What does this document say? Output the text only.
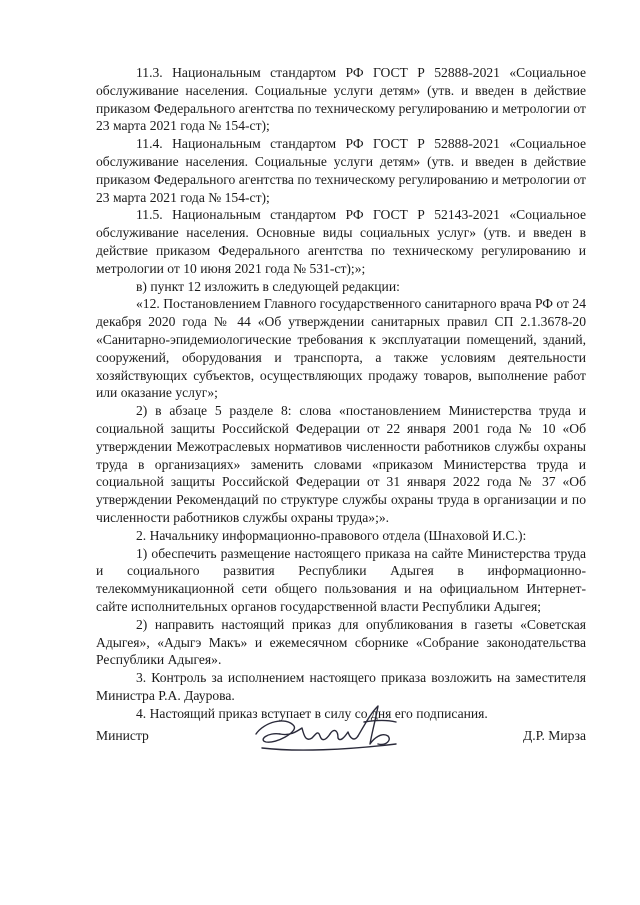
11.3. Национальным стандартом РФ ГОСТ Р 52888-2021 «Социальное обслуживание населения. Социальные услуги детям» (утв. и введен в действие приказом Федерального агентства по техническому регулированию и метрологии от 23 марта 2021 года № 154-ст);

11.4. Национальным стандартом РФ ГОСТ Р 52888-2021 «Социальное обслуживание населения. Социальные услуги детям» (утв. и введен в действие приказом Федерального агентства по техническому регулированию и метрологии от 23 марта 2021 года № 154-ст);

11.5. Национальным стандартом РФ ГОСТ Р 52143-2021 «Социальное обслуживание населения. Основные виды социальных услуг» (утв. и введен в действие приказом Федерального агентства по техническому регулированию и метрологии от 10 июня 2021 года № 531-ст);»;

в) пункт 12 изложить в следующей редакции:

«12. Постановлением Главного государственного санитарного врача РФ от 24 декабря 2020 года № 44 «Об утверждении санитарных правил СП 2.1.3678-20 «Санитарно-эпидемиологические требования к эксплуатации помещений, зданий, сооружений, оборудования и транспорта, а также условиям деятельности хозяйствующих субъектов, осуществляющих продажу товаров, выполнение работ или оказание услуг»;

2) в абзаце 5 разделе 8: слова «постановлением Министерства труда и социальной защиты Российской Федерации от 22 января 2001 года № 10 «Об утверждении Межотраслевых нормативов численности работников службы охраны труда в организациях» заменить словами «приказом Министерства труда и социальной защиты Российской Федерации от 31 января 2022 года № 37 «Об утверждении Рекомендаций по структуре службы охраны труда в организации и по численности работников службы охраны труда»;».

2. Начальнику информационно-правового отдела (Шнаховой И.С.):

1) обеспечить размещение настоящего приказа на сайте Министерства труда и социального развития Республики Адыгея в информационно-телекоммуникационной сети общего пользования и на официальном Интернет-сайте исполнительных органов государственной власти Республики Адыгея;

2) направить настоящий приказ для опубликования в газеты «Советская Адыгея», «Адыгэ Макъ» и ежемесячном сборнике «Собрание законодательства Республики Адыгея».

3. Контроль за исполнением настоящего приказа возложить на заместителя Министра Р.А. Даурова.

4. Настоящий приказ вступает в силу со дня его подписания.

Министр	Д.Р. Мирза
